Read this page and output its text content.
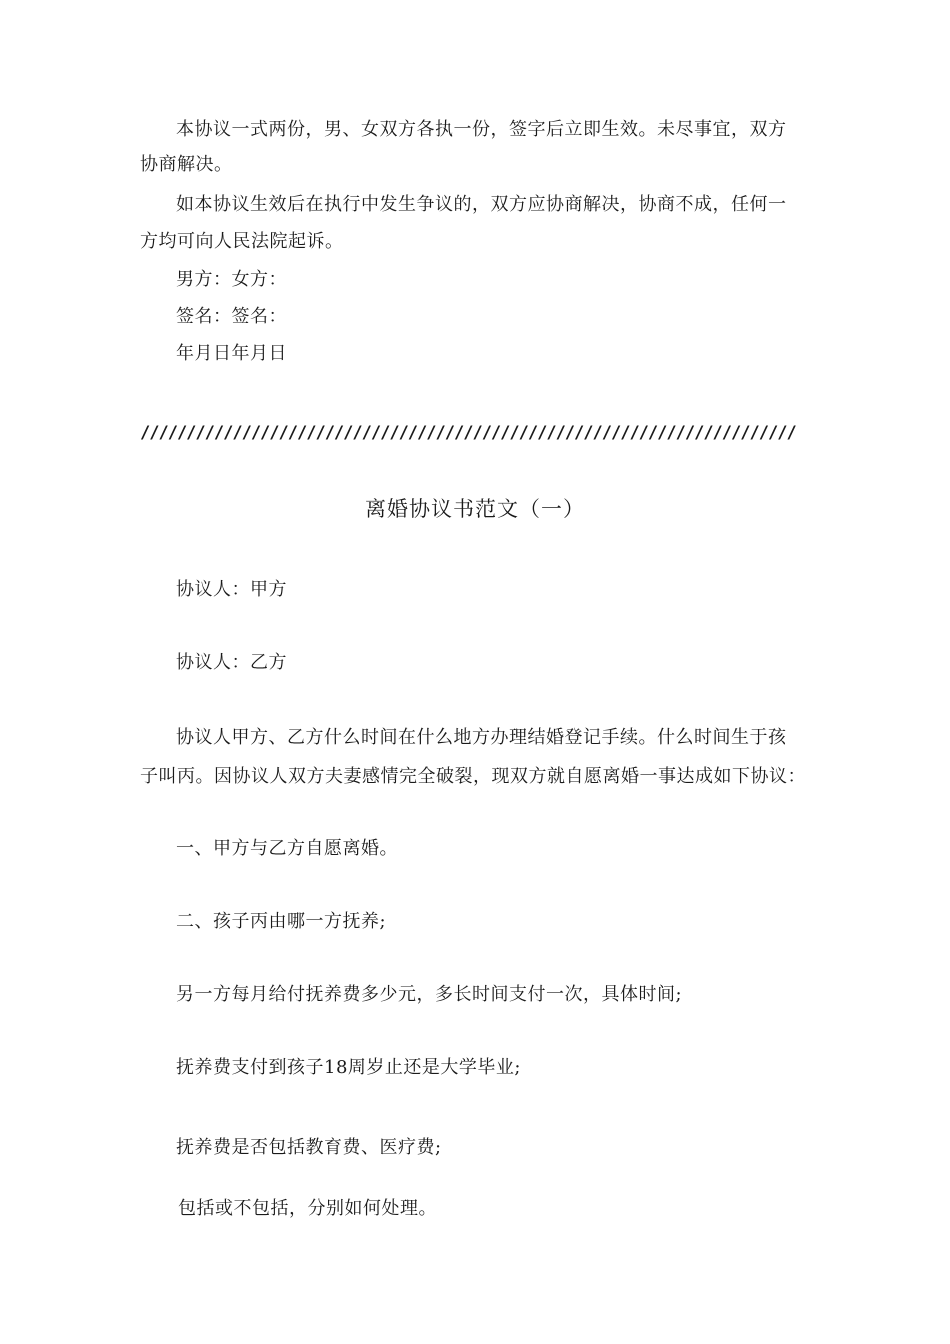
本协议一式两份，男、女双方各执一份，签字后立即生效。未尽事宜，双方
协商解决。
如本协议生效后在执行中发生争议的，双方应协商解决，协商不成，任何一
方均可向人民法院起诉。
男方：女方：
签名：签名：
年月日年月日
///////////////////////////////////////////////////////////////////////
离婚协议书范文（一）
协议人：甲方
协议人：乙方
协议人甲方、乙方什么时间在什么地方办理结婚登记手续。什么时间生于孩
子叫丙。因协议人双方夫妻感情完全破裂，现双方就自愿离婚一事达成如下协议：
一、甲方与乙方自愿离婚。
二、孩子丙由哪一方抚养;
另一方每月给付抚养费多少元，多长时间支付一次，具体时间;
抚养费支付到孩子18周岁止还是大学毕业;
抚养费是否包括教育费、医疗费;
包括或不包括，分别如何处理。
